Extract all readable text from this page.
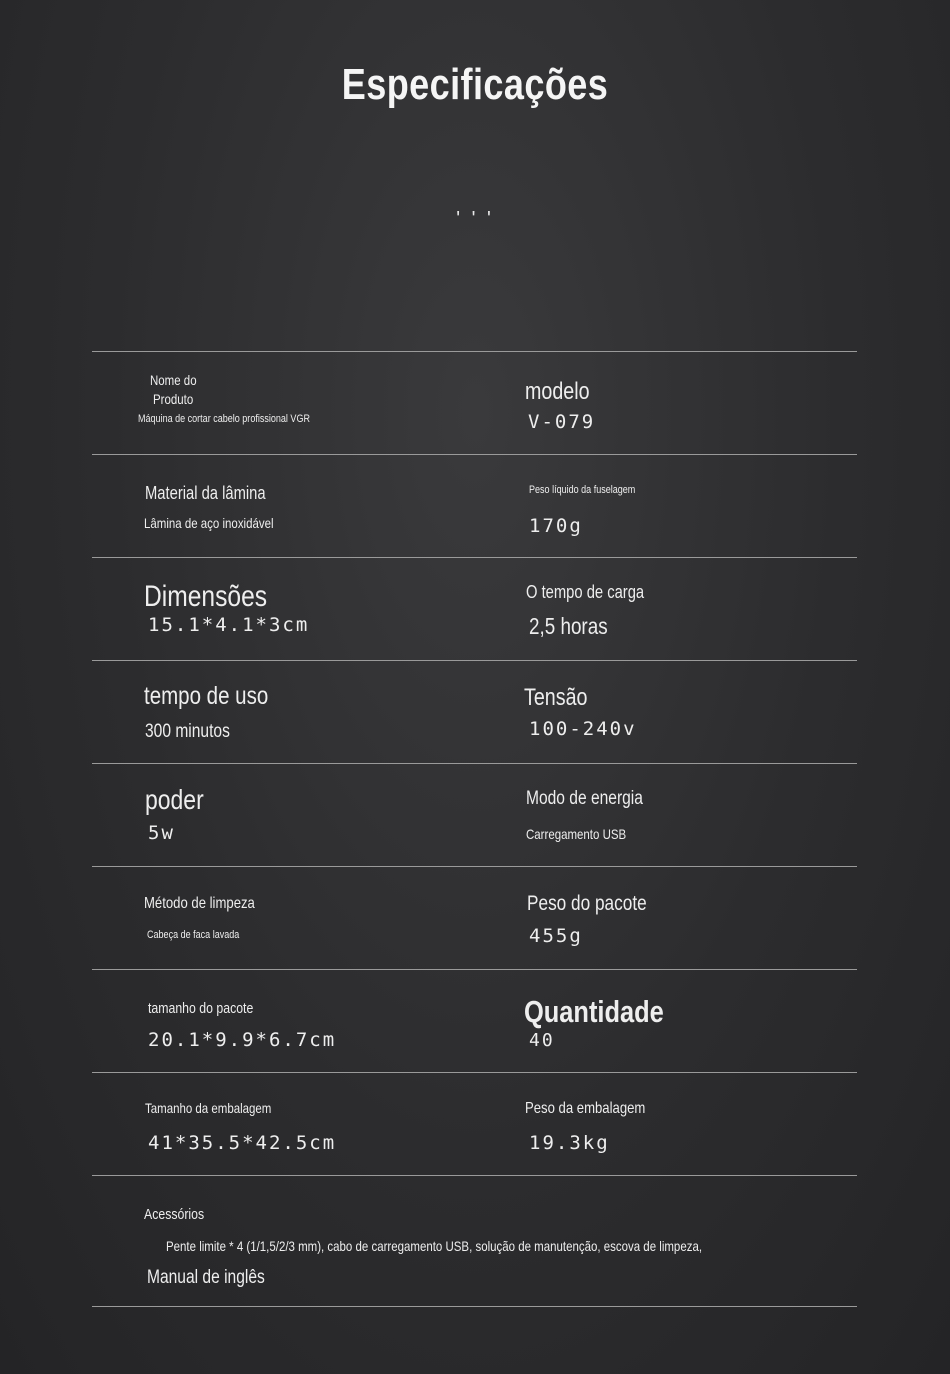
Especificações
' ' '
Nome do
Produto
Máquina de cortar cabelo profissional VGR
modelo
V-079
Material da lâmina
Lâmina de aço inoxidável
Peso líquido da fuselagem
170g
Dimensões
15.1*4.1*3cm
O tempo de carga
2,5 horas
tempo de uso
300 minutos
Tensão
100-240v
poder
5w
Modo de energia
Carregamento USB
Método de limpeza
Cabeça de faca lavada
Peso do pacote
455g
tamanho do pacote
20.1*9.9*6.7cm
Quantidade
40
Tamanho da embalagem
41*35.5*42.5cm
Peso da embalagem
19.3kg
Acessórios
Pente limite * 4 (1/1,5/2/3 mm), cabo de carregamento USB, solução de manutenção, escova de limpeza,
Manual de inglês
